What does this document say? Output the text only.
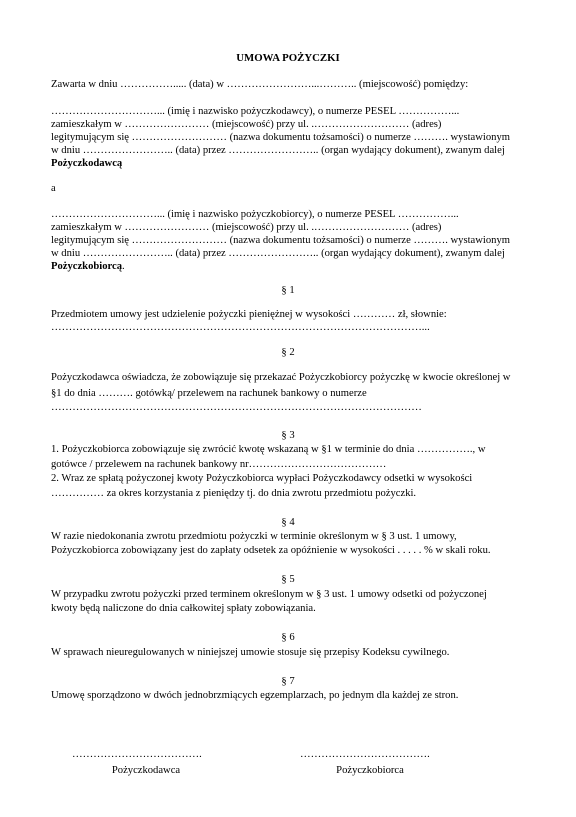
UMOWA POŻYCZKI
Zawarta w dniu ……………..... (data) w ……………………...……….. (miejscowość) pomiędzy:
…………………………... (imię i nazwisko pożyczkodawcy), o numerze PESEL ……………...
zamieszkałym w …………………… (miejscowość) przy ul. .……………………… (adres)
legitymującym się ……………………… (nazwa dokumentu tożsamości) o numerze ………. wystawionym
w dniu …………………….. (data) przez …………………….. (organ wydający dokument), zwanym dalej
Pożyczkodawcą
a
…………………………... (imię i nazwisko pożyczkobiorcy), o numerze PESEL ……………...
zamieszkałym w …………………… (miejscowość) przy ul. .……………………… (adres)
legitymującym się ……………………… (nazwa dokumentu tożsamości) o numerze ………. wystawionym
w dniu …………………….. (data) przez …………………….. (organ wydający dokument), zwanym dalej
Pożyczkobiorcą.
§ 1
Przedmiotem umowy jest udzielenie pożyczki pieniężnej w wysokości ………… zł, słownie:
……………………………………………………………………………………………...
§ 2
Pożyczkodawca oświadcza, że zobowiązuje się przekazać Pożyczkobiorcy pożyczkę w kwocie określonej w
§1 do dnia ………. gotówką/ przelewem na rachunek bankowy o numerze
……………………………………………………………………………………………
§ 3
1. Pożyczkobiorca zobowiązuje się zwrócić kwotę wskazaną w §1 w terminie do dnia ……………., w
gotówce / przelewem na rachunek bankowy nr…………………………………
2. Wraz ze spłatą pożyczonej kwoty Pożyczkobiorca wypłaci Pożyczkodawcy odsetki w wysokości
…………… za okres korzystania z pieniędzy tj. do dnia zwrotu przedmiotu pożyczki.
§ 4
W razie niedokonania zwrotu przedmiotu pożyczki w terminie określonym w § 3 ust. 1 umowy,
Pożyczkobiorca zobowiązany jest do zapłaty odsetek za opóźnienie w wysokości . . . . . % w skali roku.
§ 5
W przypadku zwrotu pożyczki przed terminem określonym w § 3 ust. 1 umowy odsetki od pożyczonej
kwoty będą naliczone do dnia całkowitej spłaty zobowiązania.
§ 6
W sprawach nieuregulowanych w niniejszej umowie stosuje się przepisy Kodeksu cywilnego.
§ 7
Umowę sporządzono w dwóch jednobrzmiących egzemplarzach, po jednym dla każdej ze stron.
……………………………….	……………………………….
Pożyczkodawca	Pożyczkobiorca
